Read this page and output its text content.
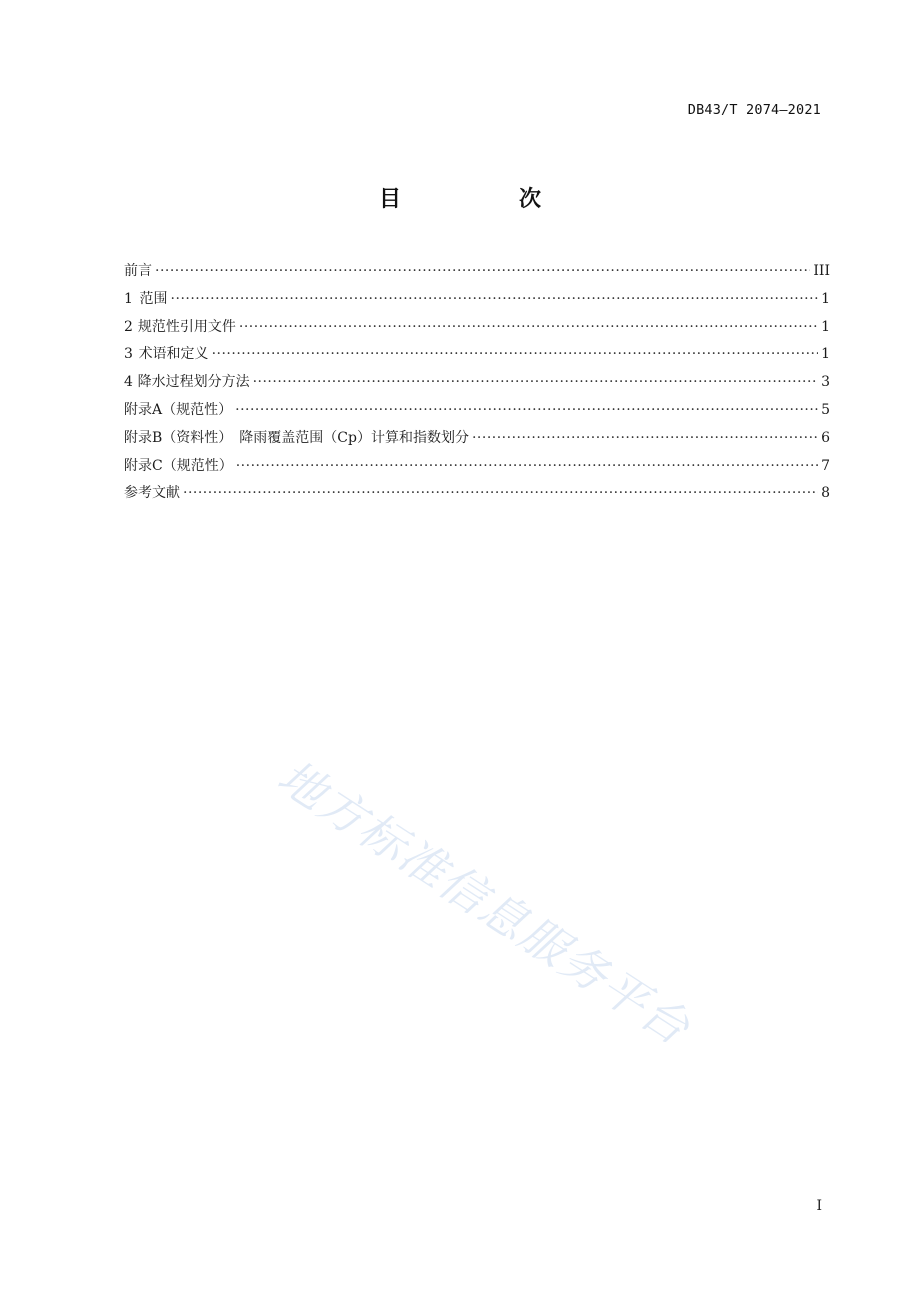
DB43/T 2074—2021
目　次
前言 ·····	III
1 范围 ·····	1
2 规范性引用文件 ·····	1
3 术语和定义 ·····	1
4 降水过程划分方法 ·····	3
附录A（规范性） ·····	5
附录B（资料性）　降雨覆盖范围（Cp）计算和指数划分 ·····	6
附录C（规范性） ·····	7
参考文献 ·····	8
地方标准信息服务平台
I
